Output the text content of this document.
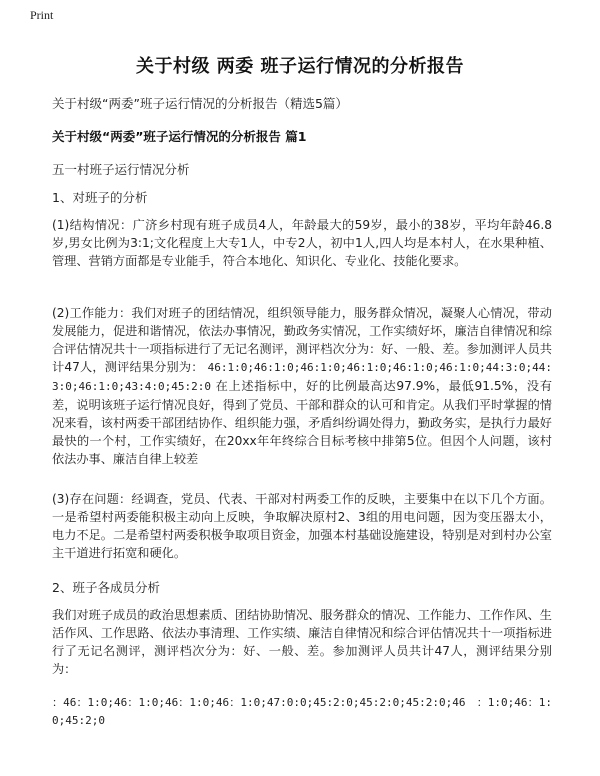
Print
关于村级 两委 班子运行情况的分析报告
关于村级“两委”班子运行情况的分析报告（精选5篇）
关于村级“两委”班子运行情况的分析报告 篇1
五一村班子运行情况分析
1、对班子的分析
(1)结构情况：广济乡村现有班子成员4人，年龄最大的59岁，最小的38岁，平均年龄46.8岁,男女比例为3:1;文化程度上大专1人，中专2人，初中1人,四人均是本村人，在水果种植、管理、营销方面都是专业能手，符合本地化、知识化、专业化、技能化要求。
(2)工作能力：我们对班子的团结情况，组织领导能力，服务群众情况，凝聚人心情况，带动发展能力，促进和谐情况，依法办事情况，勤政务实情况，工作实绩好坏，廉洁自律情况和综合评估情况共十一项指标进行了无记名测评，测评档次分为：好、一般、差。参加测评人员共计47人，测评结果分别为： 46:1:0;46:1:0;46:1:0;46:1:0;46:1:0;46:1:0;44:3:0;44:3:0;46:1:0;43:4:0;45:2:0 在上述指标中，好的比例最高达97.9%，最低91.5%，没有差，说明该班子运行情况良好，得到了党员、干部和群众的认可和肯定。从我们平时掌握的情况来看，该村两委干部团结协作、组织能力强，矛盾纠纷调处得力，勤政务实，是执行力最好最快的一个村，工作实绩好，在20xx年年终综合目标考核中排第5位。但因个人问题，该村依法办事、廉洁自律上较差
(3)存在问题：经调查，党员、代表、干部对村两委工作的反映，主要集中在以下几个方面。一是希望村两委能积极主动向上反映，争取解决原村2、3组的用电问题，因为变压器太小，电力不足。二是希望村两委积极争取项目资金，加强本村基础设施建设，特别是对到村办公室主干道进行拓宽和硬化。
2、班子各成员分析
我们对班子成员的政治思想素质、团结协助情况、服务群众的情况、工作能力、工作作风、生活作风、工作思路、依法办事清理、工作实绩、廉洁自律情况和综合评估情况共十一项指标进行了无记名测评，测评档次分为：好、一般、差。参加测评人员共计47人，测评结果分别为：
：46：1:0;46：1:0;46：1:0;46：1:0;47:0:0;45:2:0;45:2:0;45:2:0;46　：1:0;46：1:0;45:2;0
